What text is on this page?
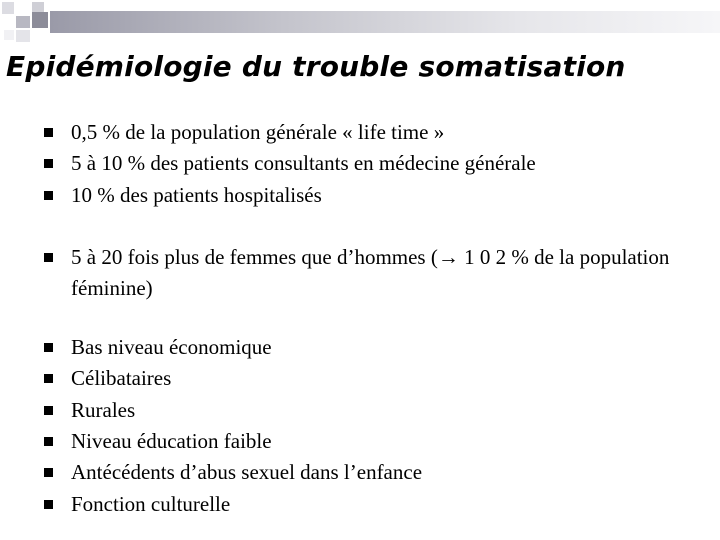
Epidémiologie du trouble somatisation
0,5 % de la population générale « life time »
5 à 10 % des patients consultants en médecine générale
10 % des patients hospitalisés
5 à 20 fois plus de femmes que d’hommes (→ 1 0 2 % de la population féminine)
Bas niveau économique
Célibataires
Rurales
Niveau éducation faible
Antécédents d’abus sexuel dans l’enfance
Fonction culturelle
